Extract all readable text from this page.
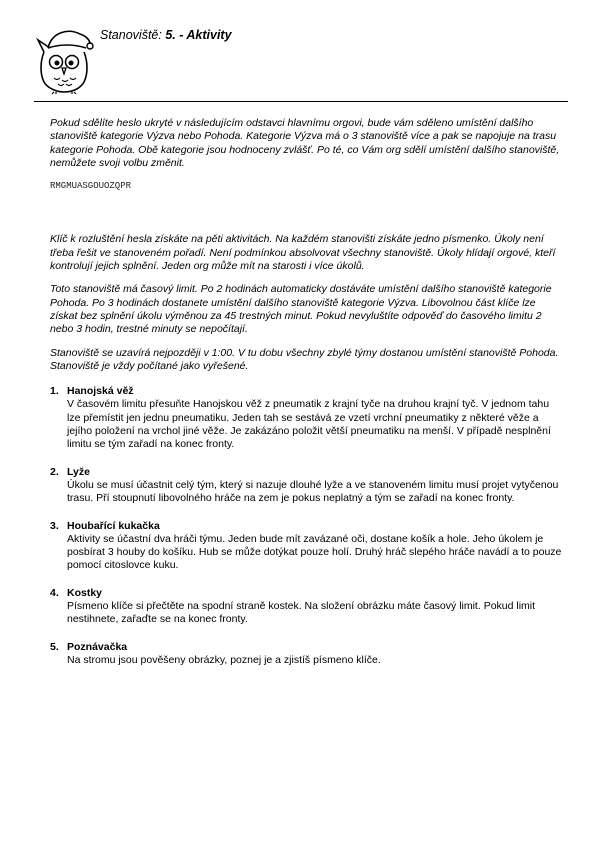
Stanoviště: 5. - Aktivity

Pokud sdělíte heslo ukryté v následujícím odstavci hlavnímu orgovi, bude vám sděleno umístění dalšího stanoviště kategorie Výzva nebo Pohoda. Kategorie Výzva má o 3 stanoviště více a pak se napojuje na trasu kategorie Pohoda. Obě kategorie jsou hodnoceny zvlášť. Po té, co Vám org sdělí umístění dalšího stanoviště, nemůžete svoji volbu změnit.

RMGMUASGOUOZQPR

Klíč k rozluštění hesla získáte na pěti aktivitách. Na každém stanovišti získáte jedno písmenko. Úkoly není třeba řešit ve stanoveném pořadí. Není podmínkou absolvovat všechny stanoviště. Úkoly hlídají orgové, kteří kontrolují jejich splnění. Jeden org může mít na starosti i více úkolů.

Toto stanoviště má časový limit. Po 2 hodinách automaticky dostáváte umístění dalšího stanoviště kategorie Pohoda. Po 3 hodinách dostanete umístění dalšího stanoviště kategorie Výzva. Libovolnou část klíče lze získat bez splnění úkolu výměnou za 45 trestných minut. Pokud nevyluštíte odpověď do časového limitu 2 nebo 3 hodin, trestné minuty se nepočítají.

Stanoviště se uzavírá nejpozději v 1:00. V tu dobu všechny zbylé týmy dostanou umístění stanoviště Pohoda. Stanoviště je vždy počítané jako vyřešené.

1. Hanojská věž
V časovém limitu přesuňte Hanojskou věž z pneumatik z krajní tyče na druhou krajní tyč. V jednom tahu lze přemístit jen jednu pneumatiku. Jeden tah se sestává ze vzetí vrchní pneumatiky z některé věže a jejího položení na vrchol jiné věže. Je zakázáno položit větší pneumatiku na menší. V případě nesplnění limitu se tým zařadí na konec fronty.
2. Lyže
Úkolu se musí účastnit celý tým, který si nazuje dlouhé lyže a ve stanoveném limitu musí projet vytyčenou trasu. Pří stoupnutí libovolného hráče na zem je pokus neplatný a tým se zařadí na konec fronty.
3. Houbařící kukačka
Aktivity se účastní dva hráči týmu. Jeden bude mít zavázané oči, dostane košík a hole. Jeho úkolem je posbírat 3 houby do košíku. Hub se může dotýkat pouze holí. Druhý hráč slepého hráče navádí a to pouze pomocí citoslovce kuku.
4. Kostky
Písmeno klíče si přečtěte na spodní straně kostek. Na složení obrázku máte časový limit. Pokud limit nestihnete, zařaďte se na konec fronty.
5. Poznávačka
Na stromu jsou pověšeny obrázky, poznej je a zjistíš písmeno klíče.
